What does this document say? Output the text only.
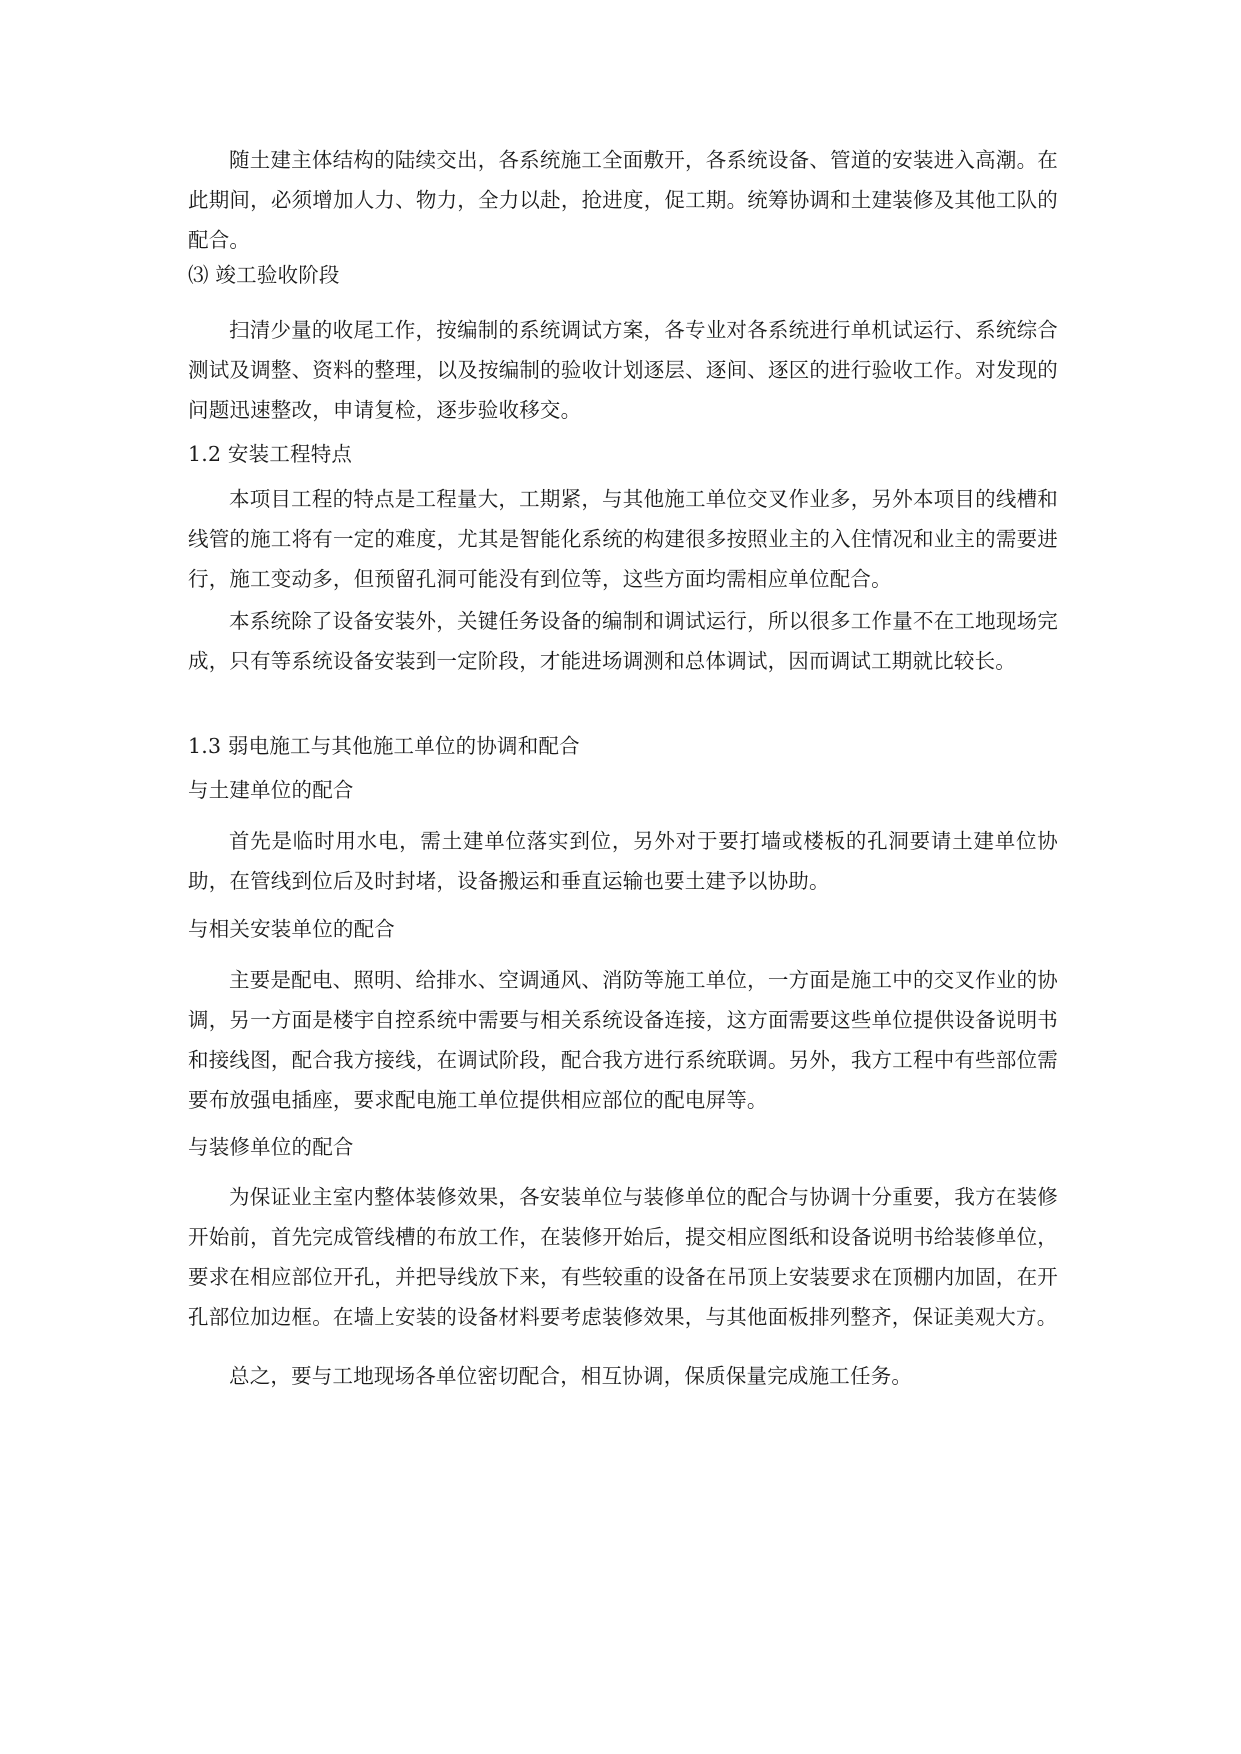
随土建主体结构的陆续交出，各系统施工全面敷开，各系统设备、管道的安装进入高潮。在此期间，必须增加人力、物力，全力以赴，抢进度，促工期。统筹协调和土建装修及其他工队的配合。

⑶ 竣工验收阶段

扫清少量的收尾工作，按编制的系统调试方案，各专业对各系统进行单机试运行、系统综合测试及调整、资料的整理，以及按编制的验收计划逐层、逐间、逐区的进行验收工作。对发现的问题迅速整改，申请复检，逐步验收移交。

1.2 安装工程特点

本项目工程的特点是工程量大，工期紧，与其他施工单位交叉作业多，另外本项目的线槽和线管的施工将有一定的难度，尤其是智能化系统的构建很多按照业主的入住情况和业主的需要进行，施工变动多，但预留孔洞可能没有到位等，这些方面均需相应单位配合。

本系统除了设备安装外，关键任务设备的编制和调试运行，所以很多工作量不在工地现场完成，只有等系统设备安装到一定阶段，才能进场调测和总体调试，因而调试工期就比较长。

1.3 弱电施工与其他施工单位的协调和配合
与土建单位的配合

首先是临时用水电，需土建单位落实到位，另外对于要打墙或楼板的孔洞要请土建单位协助，在管线到位后及时封堵，设备搬运和垂直运输也要土建予以协助。

与相关安装单位的配合

主要是配电、照明、给排水、空调通风、消防等施工单位，一方面是施工中的交叉作业的协调，另一方面是楼宇自控系统中需要与相关系统设备连接，这方面需要这些单位提供设备说明书和接线图，配合我方接线，在调试阶段，配合我方进行系统联调。另外，我方工程中有些部位需要布放强电插座，要求配电施工单位提供相应部位的配电屏等。

与装修单位的配合

为保证业主室内整体装修效果，各安装单位与装修单位的配合与协调十分重要，我方在装修开始前，首先完成管线槽的布放工作，在装修开始后，提交相应图纸和设备说明书给装修单位，要求在相应部位开孔，并把导线放下来，有些较重的设备在吊顶上安装要求在顶棚内加固，在开孔部位加边框。在墙上安装的设备材料要考虑装修效果，与其他面板排列整齐，保证美观大方。

总之，要与工地现场各单位密切配合，相互协调，保质保量完成施工任务。
